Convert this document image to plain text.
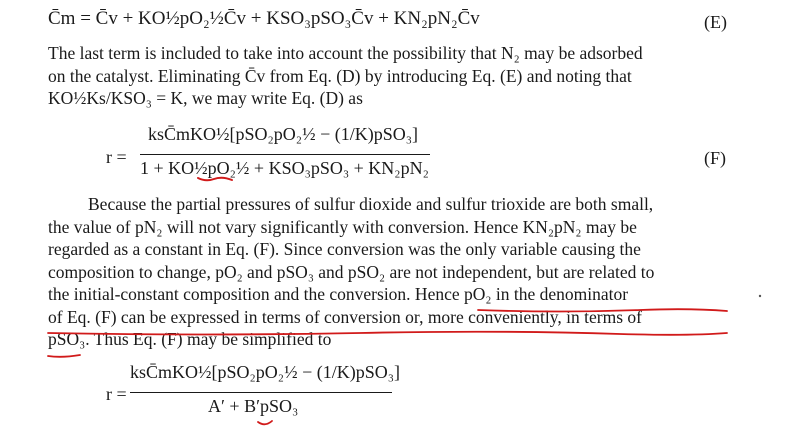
C̄m = C̄v + KO½pO₂½C̄v + KSO₃pSO₃C̄v + KN₂pN₂C̄v	(E)
The last term is included to take into account the possibility that N₂ may be adsorbed
on the catalyst. Eliminating C̄v from Eq. (D) by introducing Eq. (E) and noting that
KO½Ks/KSO₃ = K, we may write Eq. (D) as
r =
ksC̄mKO½[pSO₂pO₂½ − (1/K)pSO₃]
1 + KO½pO₂½ + KSO₃pSO₃ + KN₂pN₂	(F)
Because the partial pressures of sulfur dioxide and sulfur trioxide are both small,
the value of pN₂ will not vary significantly with conversion. Hence KN₂pN₂ may be
regarded as a constant in Eq. (F). Since conversion was the only variable causing the
composition to change, pO₂ and pSO₃ and pSO₂ are not independent, but are related to
the initial-constant composition and the conversion. Hence pO₂ in the denominator
of Eq. (F) can be expressed in terms of conversion or, more conveniently, in terms of
pSO₃. Thus Eq. (F) may be simplified to
r =
ksC̄mKO½[pSO₂pO₂½ − (1/K)pSO₃]
A′ + B′pSO₃
